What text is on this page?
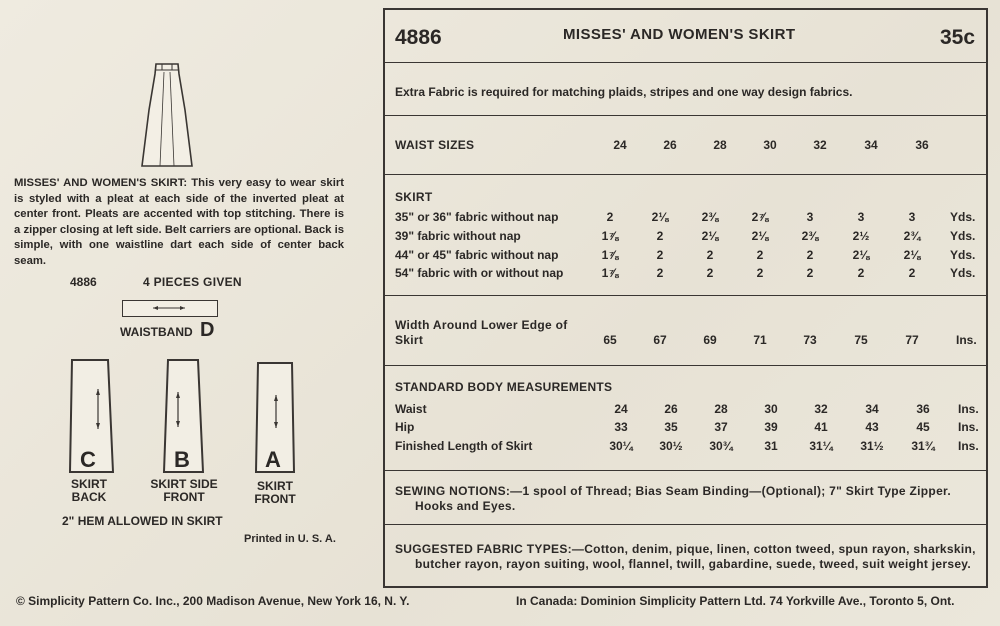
MISSES' AND WOMEN'S SKIRT: This very easy to wear skirt is styled with a pleat at each side of the inverted pleat at center front. Pleats are accented with top stitching. There is a zipper closing at left side. Belt carriers are optional. Back is simple, with one waistline dart each side of center back seam.
4886	4 PIECES GIVEN
WAISTBAND D
C
SKIRT
BACK
B
SKIRT SIDE
FRONT
A
SKIRT
FRONT
2" HEM ALLOWED IN SKIRT
Printed in U. S. A.
4886	MISSES' AND WOMEN'S SKIRT	35c
Extra Fabric is required for matching plaids, stripes and one way design fabrics.
WAIST SIZES	24	26	28	30	32	34	36
SKIRT
35" or 36" fabric without nap	2	2⅛	2⅜	2⅞	3	3	3	Yds.
39" fabric without nap	1⅞	2	2⅛	2⅛	2⅜	2½	2¾	Yds.
44" or 45" fabric without nap	1⅞	2	2	2	2	2⅛	2⅛	Yds.
54" fabric with or without nap	1⅞	2	2	2	2	2	2	Yds.
Width Around Lower Edge of
Skirt	65	67	69	71	73	75	77	Ins.
STANDARD BODY MEASUREMENTS
Waist	24	26	28	30	32	34	36	Ins.
Hip	33	35	37	39	41	43	45	Ins.
Finished Length of Skirt	30¼	30½	30¾	31	31¼	31½	31¾	Ins.
SEWING NOTIONS:—1 spool of Thread; Bias Seam Binding—(Optional); 7" Skirt Type Zipper.
Hooks and Eyes.
SUGGESTED FABRIC TYPES:—Cotton, denim, pique, linen, cotton tweed, spun rayon, sharkskin,
butcher rayon, rayon suiting, wool, flannel, twill, gabardine, suede, tweed, suit weight jersey.
© Simplicity Pattern Co. Inc., 200 Madison Avenue, New York 16, N. Y.	In Canada: Dominion Simplicity Pattern Ltd. 74 Yorkville Ave., Toronto 5, Ont.
